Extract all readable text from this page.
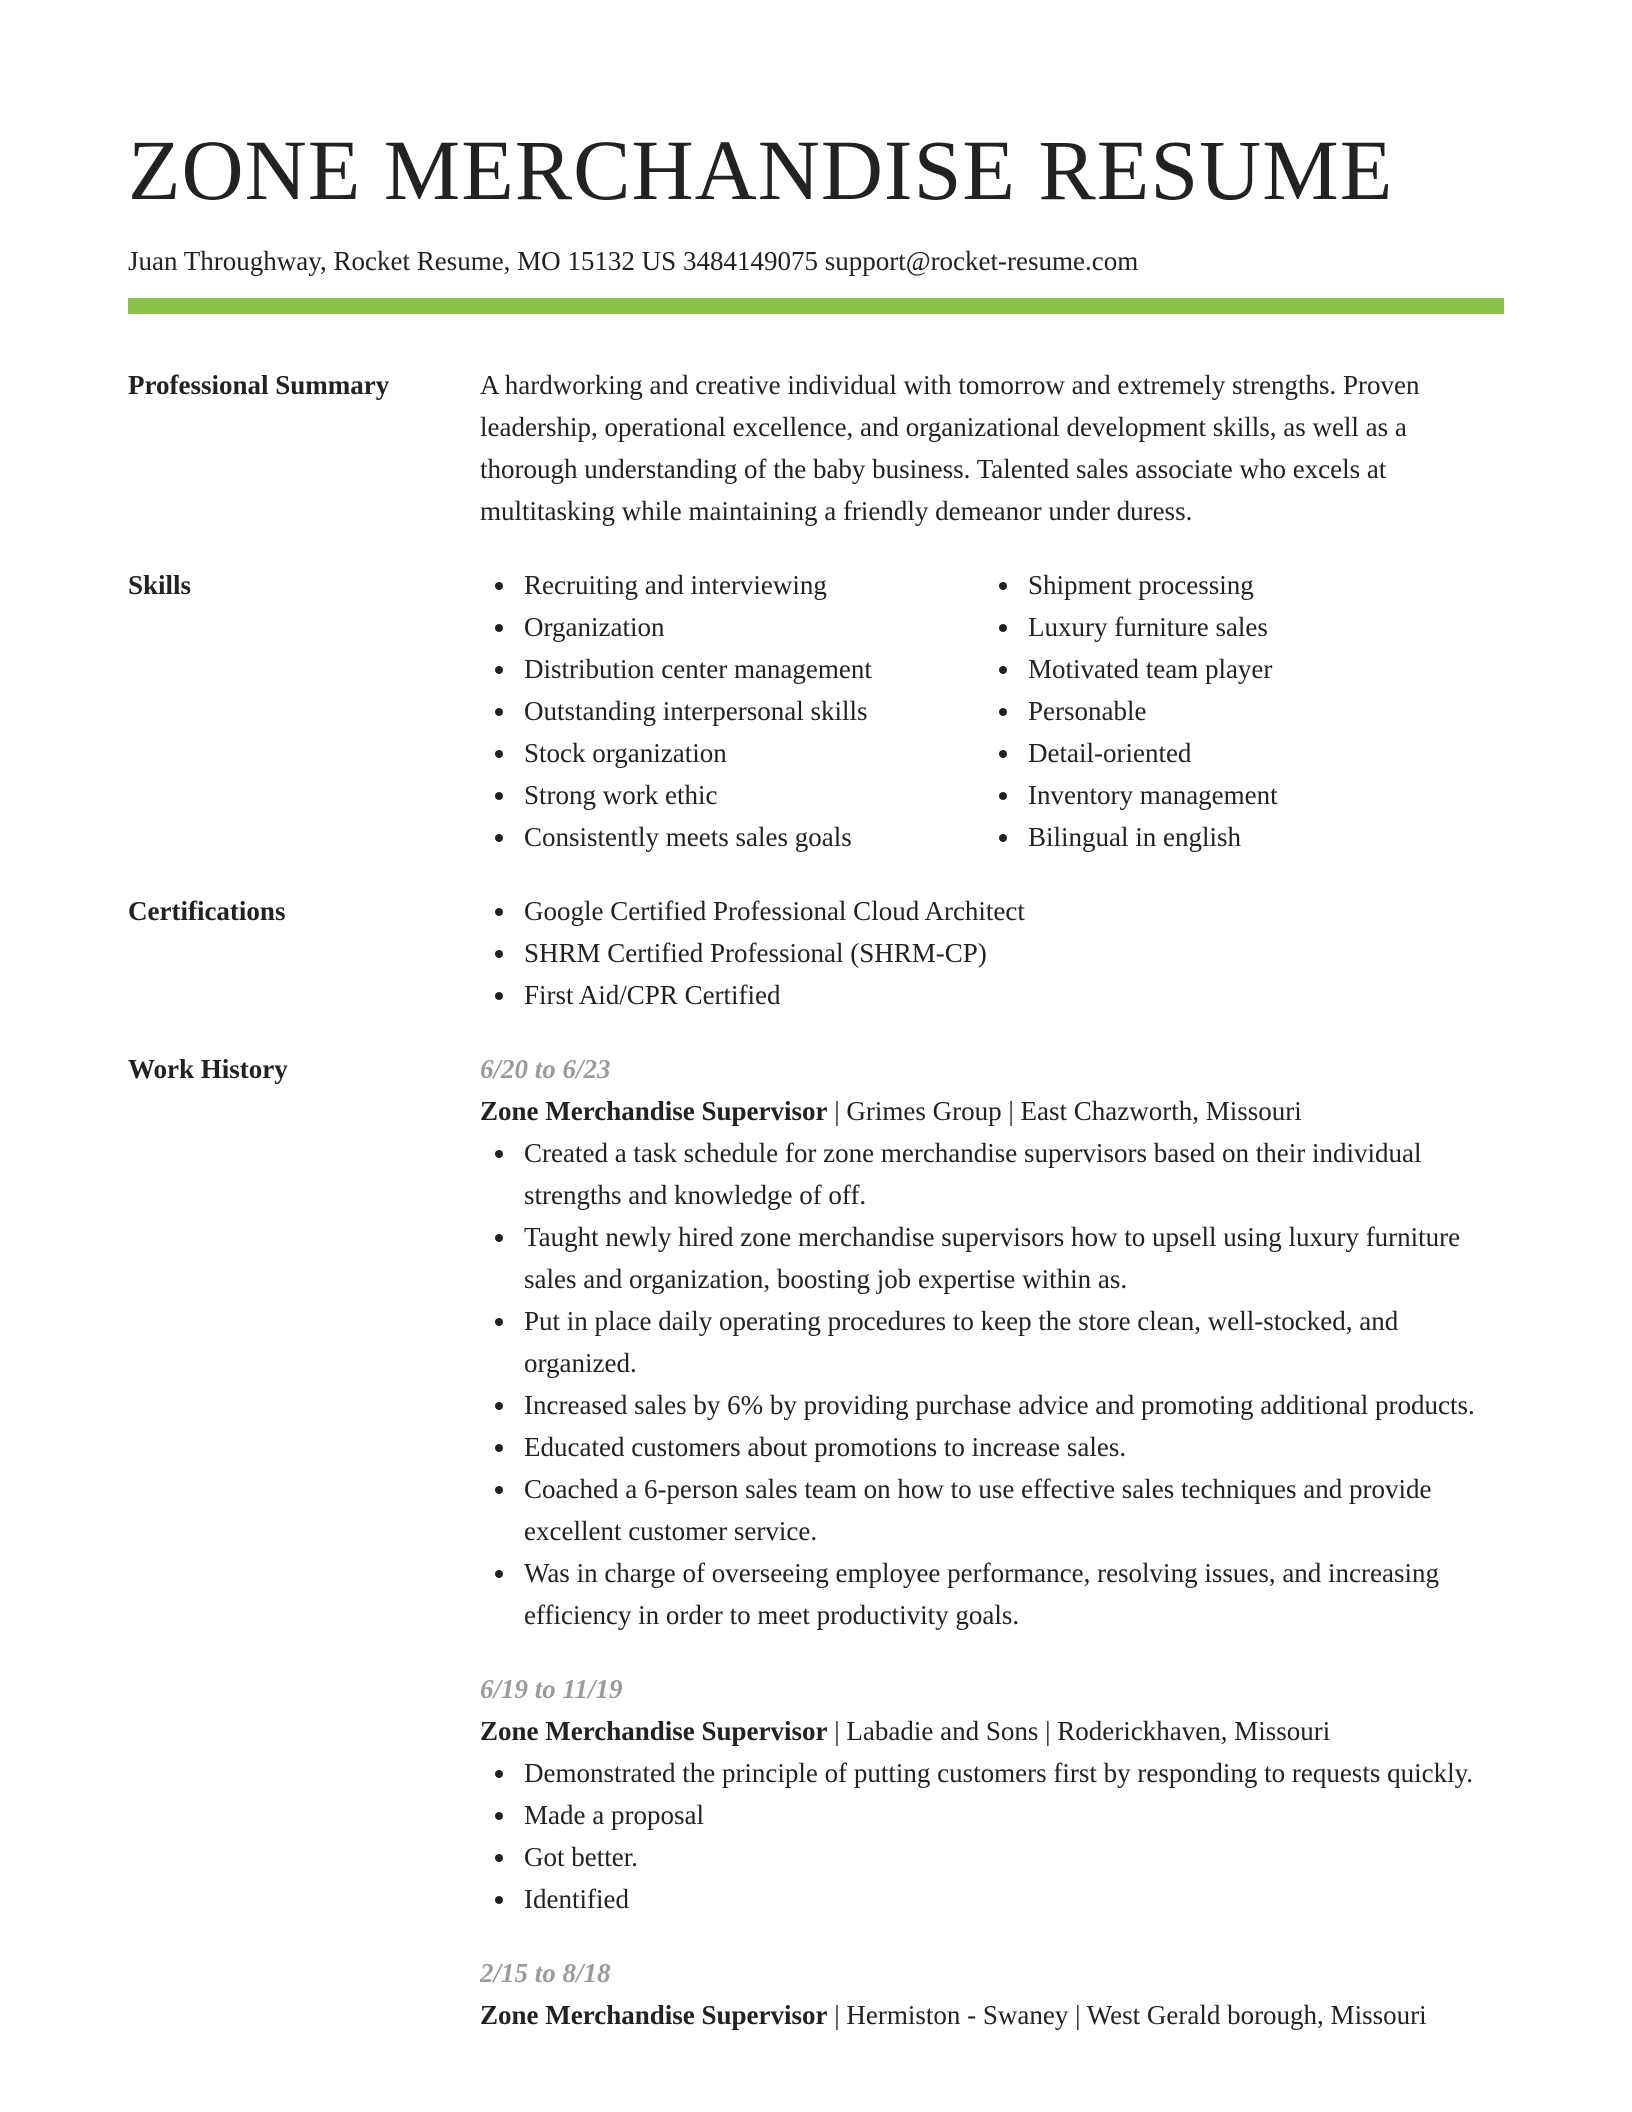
ZONE MERCHANDISE RESUME
Juan Throughway, Rocket Resume, MO 15132 US 3484149075 support@rocket-resume.com
Professional Summary	A hardworking and creative individual with tomorrow and extremely strengths. Proven leadership, operational excellence, and organizational development skills, as well as a thorough understanding of the baby business. Talented sales associate who excels at multitasking while maintaining a friendly demeanor under duress.

Skills	Recruiting and interviewing
Organization
Distribution center management
Outstanding interpersonal skills
Stock organization
Strong work ethic
Consistently meets sales goals
Shipment processing
Luxury furniture sales
Motivated team player
Personable
Detail-oriented
Inventory management
Bilingual in english
Certifications	Google Certified Professional Cloud Architect
SHRM Certified Professional (SHRM-CP)
First Aid/CPR Certified
Work History	6/20 to 6/23
Zone Merchandise Supervisor | Grimes Group | East Chazworth, Missouri
Created a task schedule for zone merchandise supervisors based on their individual strengths and knowledge of off.
Taught newly hired zone merchandise supervisors how to upsell using luxury furniture sales and organization, boosting job expertise within as.
Put in place daily operating procedures to keep the store clean, well-stocked, and organized.
Increased sales by 6% by providing purchase advice and promoting additional products.
Educated customers about promotions to increase sales.
Coached a 6-person sales team on how to use effective sales techniques and provide excellent customer service.
Was in charge of overseeing employee performance, resolving issues, and increasing efficiency in order to meet productivity goals.
6/19 to 11/19
Zone Merchandise Supervisor | Labadie and Sons | Roderickhaven, Missouri
Demonstrated the principle of putting customers first by responding to requests quickly.
Made a proposal
Got better.
Identified
2/15 to 8/18
Zone Merchandise Supervisor | Hermiston - Swaney | West Gerald borough, Missouri
